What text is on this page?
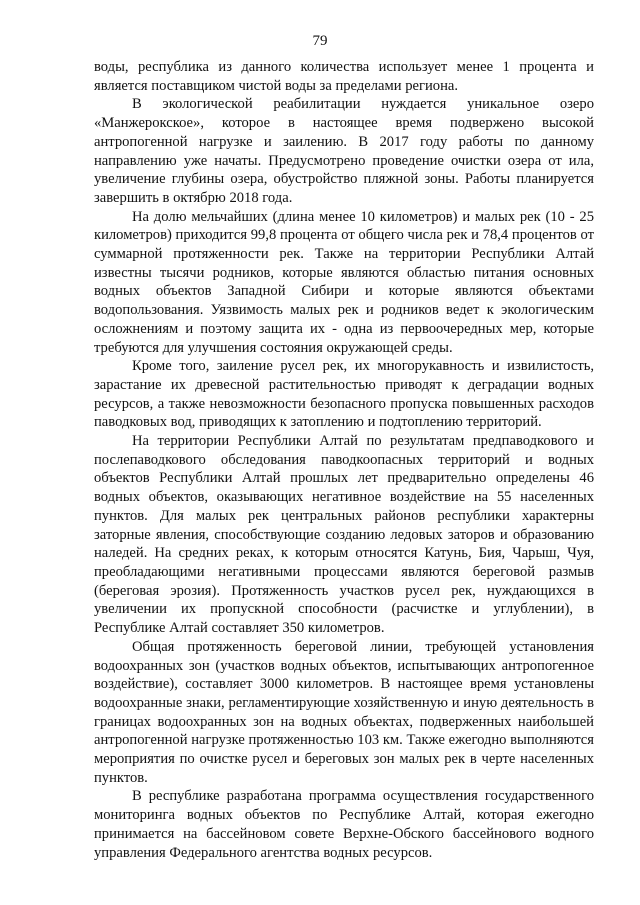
79

воды, республика из данного количества использует менее 1 процента и является поставщиком чистой воды за пределами региона.

В экологической реабилитации нуждается уникальное озеро «Манжерокское», которое в настоящее время подвержено высокой антропогенной нагрузке и заилению. В 2017 году работы по данному направлению уже начаты. Предусмотрено проведение очистки озера от ила, увеличение глубины озера, обустройство пляжной зоны. Работы планируется завершить в октябрю 2018 года.

На долю мельчайших (длина менее 10 километров) и малых рек (10 - 25 километров) приходится 99,8 процента от общего числа рек и 78,4 процентов от суммарной протяженности рек. Также на территории Республики Алтай известны тысячи родников, которые являются областью питания основных водных объектов Западной Сибири и которые являются объектами водопользования. Уязвимость малых рек и родников ведет к экологическим осложнениям и поэтому защита их - одна из первоочередных мер, которые требуются для улучшения состояния окружающей среды.

Кроме того, заиление русел рек, их многорукавность и извилистость, зарастание их древесной растительностью приводят к деградации водных ресурсов, а также невозможности безопасного пропуска повышенных расходов паводковых вод, приводящих к затоплению и подтоплению территорий.

На территории Республики Алтай по результатам предпаводкового и послепаводкового обследования паводкоопасных территорий и водных объектов Республики Алтай прошлых лет предварительно определены 46 водных объектов, оказывающих негативное воздействие на 55 населенных пунктов. Для малых рек центральных районов республики характерны заторные явления, способствующие созданию ледовых заторов и образованию наледей. На средних реках, к которым относятся Катунь, Бия, Чарыш, Чуя, преобладающими негативными процессами являются береговой размыв (береговая эрозия). Протяженность участков русел рек, нуждающихся в увеличении их пропускной способности (расчистке и углублении), в Республике Алтай составляет 350 километров.

Общая протяженность береговой линии, требующей установления водоохранных зон (участков водных объектов, испытывающих антропогенное воздействие), составляет 3000 километров. В настоящее время установлены водоохранные знаки, регламентирующие хозяйственную и иную деятельность в границах водоохранных зон на водных объектах, подверженных наибольшей антропогенной нагрузке протяженностью 103 км. Также ежегодно выполняются мероприятия по очистке русел и береговых зон малых рек в черте населенных пунктов.

В республике разработана программа осуществления государственного мониторинга водных объектов по Республике Алтай, которая ежегодно принимается на бассейновом совете Верхне-Обского бассейнового водного управления Федерального агентства водных ресурсов.
